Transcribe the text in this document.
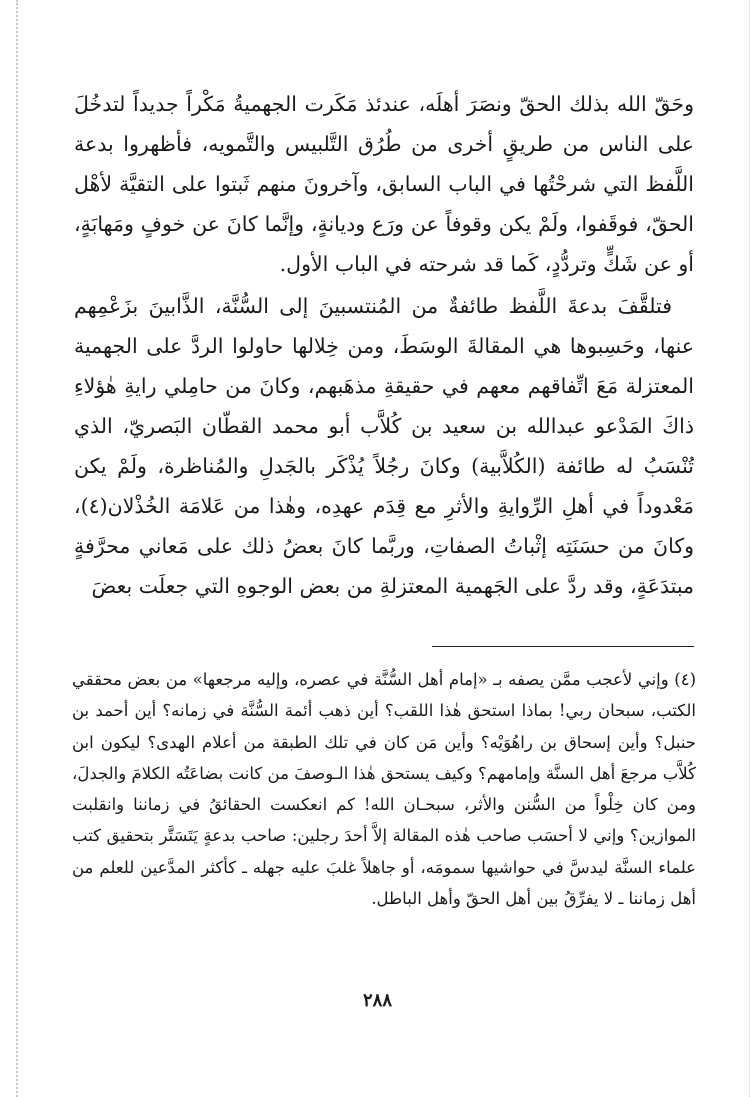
وحَقّ الله بذلك الحقّ ونصَرَ أهلَه، عندئذ مَكَرت الجهميةُ مَكْراً جديداً لتدخُلَ على الناس من طريقٍ أخرى من طُرُق التَّلبيس والتَّمويه، فأظهروا بدعة اللَّفظ التي شرحْتُها في الباب السابق، وآخرونَ منهم ثَبتوا على التقيَّة لأهْل الحقّ، فوقَفوا، ولَمْ يكن وقوفاً عن ورَع وديانةٍ، وإنَّما كانَ عن خوفٍ ومَهابَةٍ، أو عن شَكٍّ وتردُّدٍ، كَما قد شرحته في الباب الأول.

فتلقَّفَ بدعةَ اللَّفظ طائفةٌ من المُنتسبينَ إلى السُّنَّة، الذَّابينَ بزَعْمِهم عنها، وحَسِبوها هي المقالةَ الوسَطَ، ومن خِلالها حاولوا الردَّ على الجهمية المعتزلة مَعَ اتِّفاقهم معهم في حقيقةِ مذهَبهم، وكانَ من حامِلي رايةِ هٰؤلاءِ ذاكَ المَدْعو عبدالله بن سعيد بن كُلاَّب أبو محمد القطّان البَصريّ، الذي تُنْسَبُ له طائفة (الكُلاَّبية) وكانَ رجُلاً يُذْكَر بالجَدلِ والمُناظرة، ولَمْ يكن مَعْدوداً في أهلِ الرِّوايةِ والأثرِ مع قِدَم عهدِه، وهٰذا من عَلامَة الخُذْلان(٤)، وكانَ من حسَنَتِه إثْباتُ الصفاتِ، وربَّما كانَ بعضُ ذلك على مَعاني محرَّفةٍ مبتدَعَةٍ، وقد ردَّ على الجَهمية المعتزلةِ من بعض الوجوهِ التي جعلَت بعضَ

(٤) وإني لأعجب ممَّن يصفه بـ «إمام أهل السُّنَّة في عصره، وإليه مرجعها» من بعض محققي الكتب، سبحان ربي! بماذا استحق هٰذا اللقب؟ أين ذهب أئمة السُّنَّة في زمانه؟ أين أحمد بن حنبل؟ وأين إسحاق بن راهُوَيْه؟ وأين مَن كان في تلك الطبقة من أعلام الهدى؟ ليكون ابن كُلاَّب مرجعَ أهل السنَّة وإمامهم؟ وكيف يستحق هٰذا الـوصفَ من كانت بضاعَتُه الكلامَ والجدلَ، ومن كان خِلْواً من السُّنن والأثر، سبحـان الله! كم انعكست الحقائقُ في زماننا وانقلبت الموازين؟ وإني لا أحسَب صاحب هٰذه المقالة إلاَّ أحدَ رجلين: صاحب بدعةٍ يَتَسَتَّر بتحقيق كتب علماء السنَّة ليدسَّ في حواشيها سمومَه، أو جاهلاً غلبَ عليه جهله ـ كأكثر المدَّعين للعلم من أهل زماننا ـ لا يفرِّقُ بين أهل الحقّ وأهل الباطل.

٢٨٨
